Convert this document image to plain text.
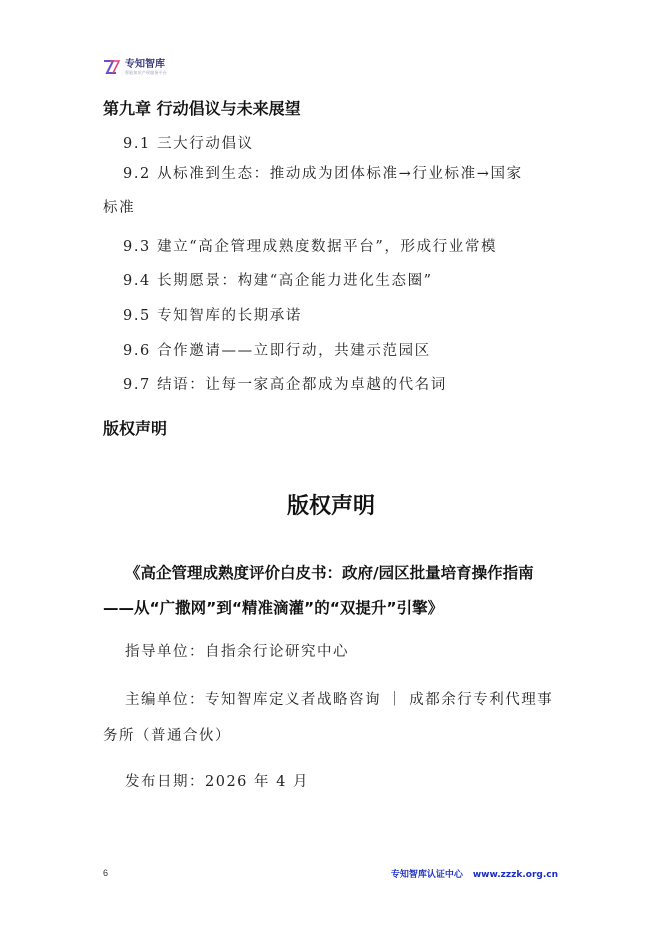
专知智库
智能知识产权服务平台
第九章 行动倡议与未来展望
9.1 三大行动倡议
9.2 从标准到生态：推动成为团体标准→行业标准→国家
标准
9.3 建立“高企管理成熟度数据平台”，形成行业常模
9.4 长期愿景：构建“高企能力进化生态圈”
9.5 专知智库的长期承诺
9.6 合作邀请——立即行动，共建示范园区
9.7 结语：让每一家高企都成为卓越的代名词
版权声明
版权声明
《高企管理成熟度评价白皮书：政府/园区批量培育操作指南——从“广撒网”到“精准滴灌”的“双提升”引擎》
指导单位：自指余行论研究中心
主编单位：专知智库定义者战略咨询 ｜ 成都余行专利代理事务所（普通合伙）
发布日期：2026 年 4 月
6	专知智库认证中心 www.zzzk.org.cn
